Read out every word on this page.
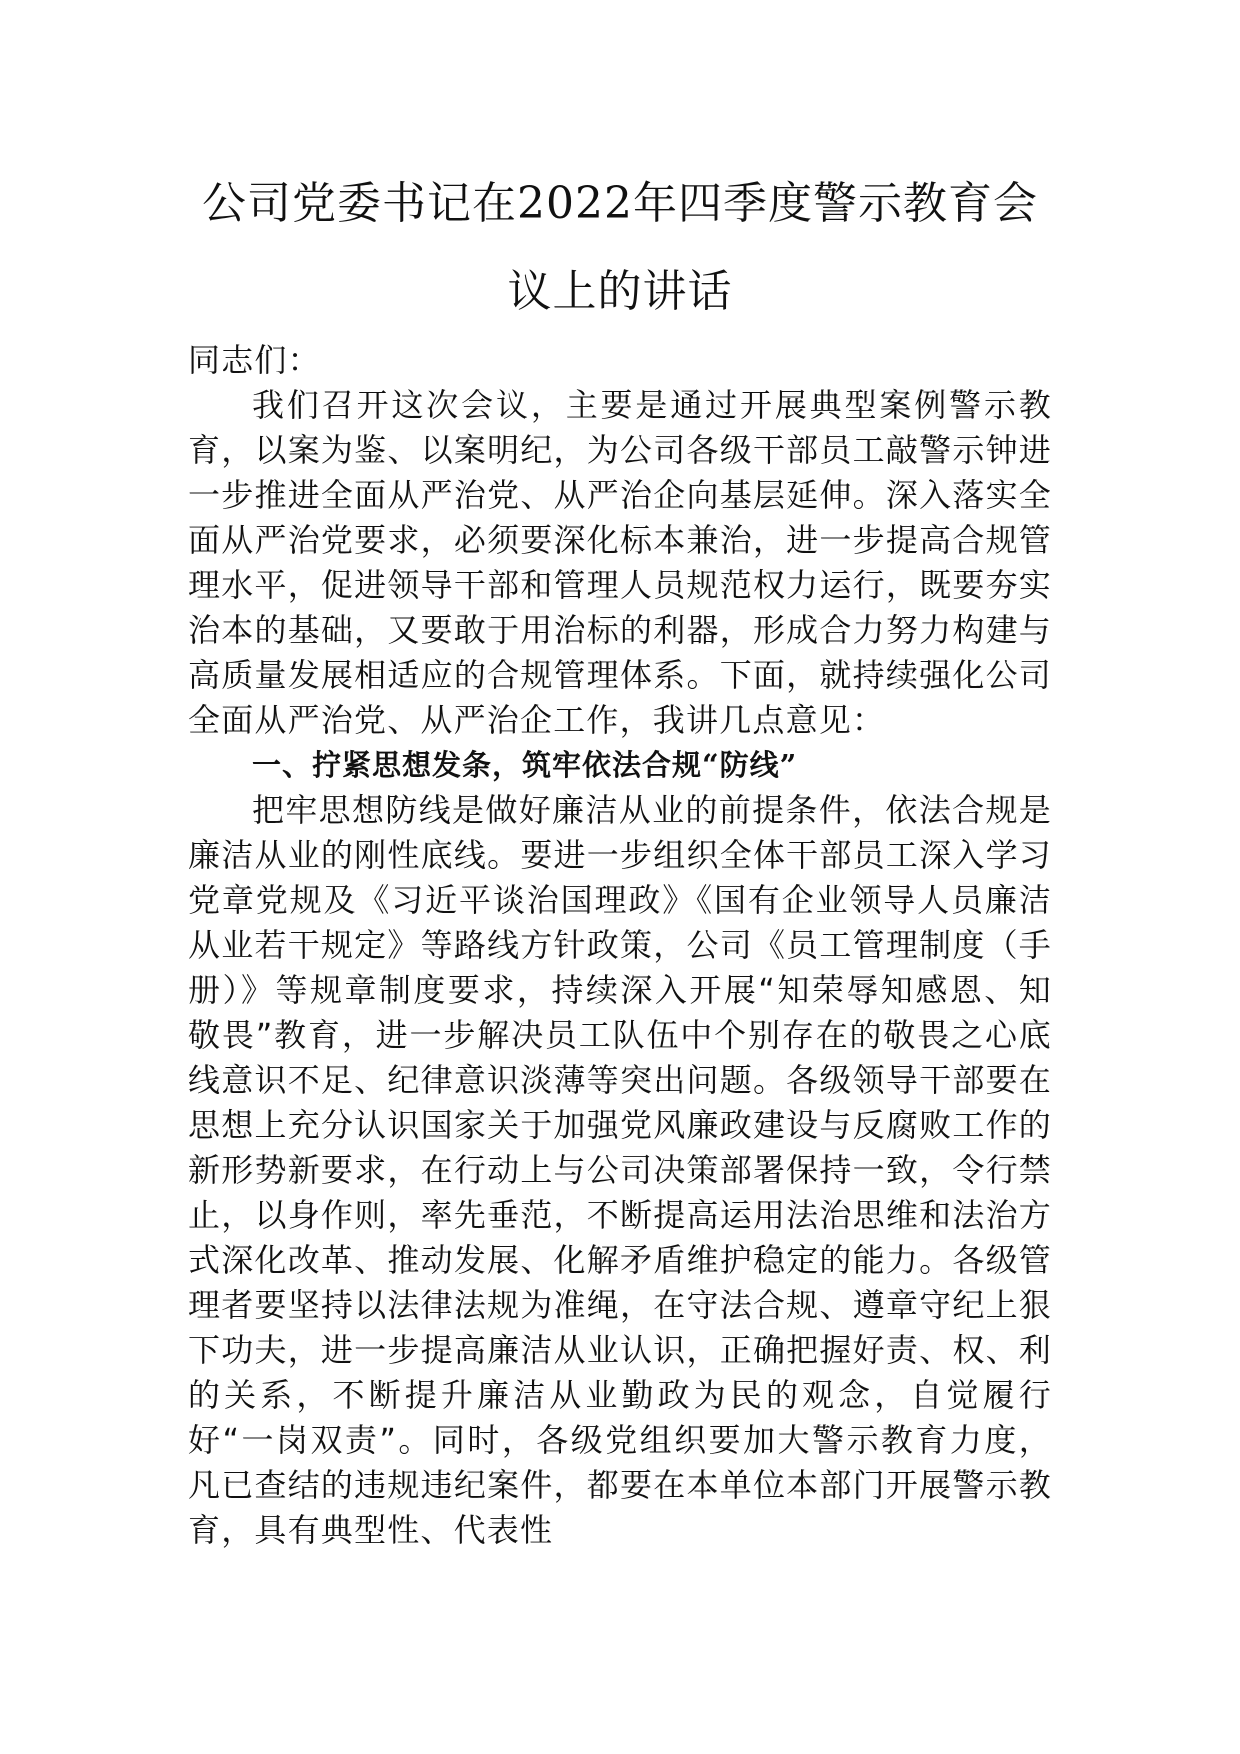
公司党委书记在2022年四季度警示教育会议上的讲话

同志们：

我们召开这次会议，主要是通过开展典型案例警示教育，以案为鉴、以案明纪，为公司各级干部员工敲警示钟进一步推进全面从严治党、从严治企向基层延伸。深入落实全面从严治党要求，必须要深化标本兼治，进一步提高合规管理水平，促进领导干部和管理人员规范权力运行，既要夯实治本的基础，又要敢于用治标的利器，形成合力努力构建与高质量发展相适应的合规管理体系。下面，就持续强化公司全面从严治党、从严治企工作，我讲几点意见：

一、拧紧思想发条，筑牢依法合规“防线”

把牢思想防线是做好廉洁从业的前提条件，依法合规是廉洁从业的刚性底线。要进一步组织全体干部员工深入学习党章党规及《习近平谈治国理政》《国有企业领导人员廉洁从业若干规定》等路线方针政策，公司《员工管理制度（手册）》等规章制度要求，持续深入开展“知荣辱知感恩、知敬畏”教育，进一步解决员工队伍中个别存在的敬畏之心底线意识不足、纪律意识淡薄等突出问题。各级领导干部要在思想上充分认识国家关于加强党风廉政建设与反腐败工作的新形势新要求，在行动上与公司决策部署保持一致，令行禁止，以身作则，率先垂范，不断提高运用法治思维和法治方式深化改革、推动发展、化解矛盾维护稳定的能力。各级管理者要坚持以法律法规为准绳，在守法合规、遵章守纪上狠下功夫，进一步提高廉洁从业认识，正确把握好责、权、利的关系，不断提升廉洁从业勤政为民的观念，自觉履行好“一岗双责”。同时，各级党组织要加大警示教育力度，凡已查结的违规违纪案件，都要在本单位本部门开展警示教育，具有典型性、代表性
